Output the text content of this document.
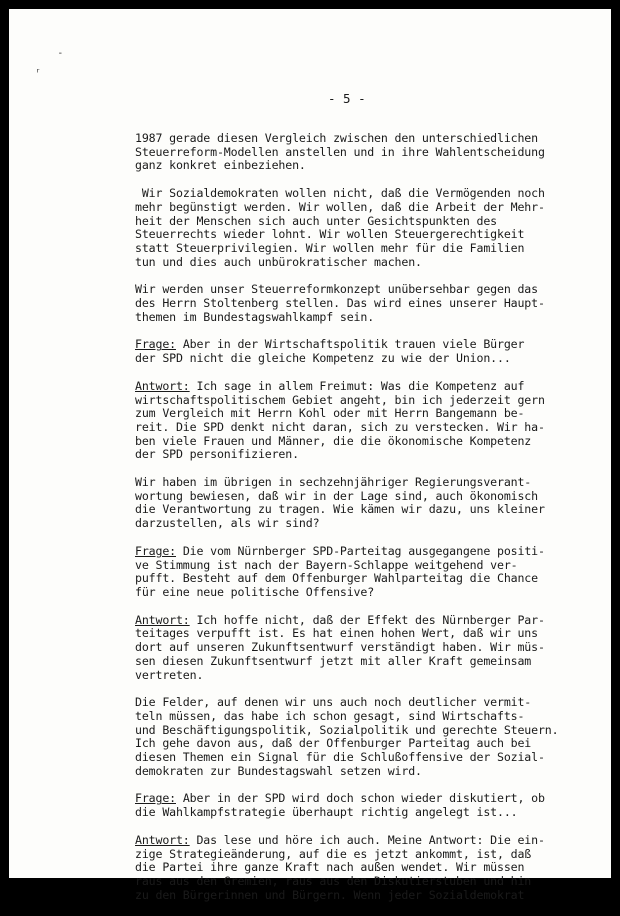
˗
ʳ
- 5 -

1987 gerade diesen Vergleich zwischen den unterschiedlichen
Steuerreform-Modellen anstellen und in ihre Wahlentscheidung
ganz konkret einbeziehen.

Wir Sozialdemokraten wollen nicht, daß die Vermögenden noch
mehr begünstigt werden. Wir wollen, daß die Arbeit der Mehr-
heit der Menschen sich auch unter Gesichtspunkten des
Steuerrechts wieder lohnt. Wir wollen Steuergerechtigkeit
statt Steuerprivilegien. Wir wollen mehr für die Familien
tun und dies auch unbürokratischer machen.

Wir werden unser Steuerreformkonzept unübersehbar gegen das
des Herrn Stoltenberg stellen. Das wird eines unserer Haupt-
themen im Bundestagswahlkampf sein.

Frage: Aber in der Wirtschaftspolitik trauen viele Bürger
der SPD nicht die gleiche Kompetenz zu wie der Union...

Antwort: Ich sage in allem Freimut: Was die Kompetenz auf
wirtschaftspolitischem Gebiet angeht, bin ich jederzeit gern
zum Vergleich mit Herrn Kohl oder mit Herrn Bangemann be-
reit. Die SPD denkt nicht daran, sich zu verstecken. Wir ha-
ben viele Frauen und Männer, die die ökonomische Kompetenz
der SPD personifizieren.

Wir haben im übrigen in sechzehnjähriger Regierungsverant-
wortung bewiesen, daß wir in der Lage sind, auch ökonomisch
die Verantwortung zu tragen. Wie kämen wir dazu, uns kleiner
darzustellen, als wir sind?

Frage: Die vom Nürnberger SPD-Parteitag ausgegangene positi-
ve Stimmung ist nach der Bayern-Schlappe weitgehend ver-
pufft. Besteht auf dem Offenburger Wahlparteitag die Chance
für eine neue politische Offensive?

Antwort: Ich hoffe nicht, daß der Effekt des Nürnberger Par-
teitages verpufft ist. Es hat einen hohen Wert, daß wir uns
dort auf unseren Zukunftsentwurf verständigt haben. Wir müs-
sen diesen Zukunftsentwurf jetzt mit aller Kraft gemeinsam
vertreten.

Die Felder, auf denen wir uns auch noch deutlicher vermit-
teln müssen, das habe ich schon gesagt, sind Wirtschafts-
und Beschäftigungspolitik, Sozialpolitik und gerechte Steuern.
Ich gehe davon aus, daß der Offenburger Parteitag auch bei
diesen Themen ein Signal für die Schlußoffensive der Sozial-
demokraten zur Bundestagswahl setzen wird.

Frage: Aber in der SPD wird doch schon wieder diskutiert, ob
die Wahlkampfstrategie überhaupt richtig angelegt ist...

Antwort: Das lese und höre ich auch. Meine Antwort: Die ein-
zige Strategieänderung, auf die es jetzt ankommt, ist, daß
die Partei ihre ganze Kraft nach außen wendet. Wir müssen
raus aus den Gremien, raus aus den Diskutierstuben und hin
zu den Bürgerinnen und Bürgern. Wenn jeder Sozialdemokrat
